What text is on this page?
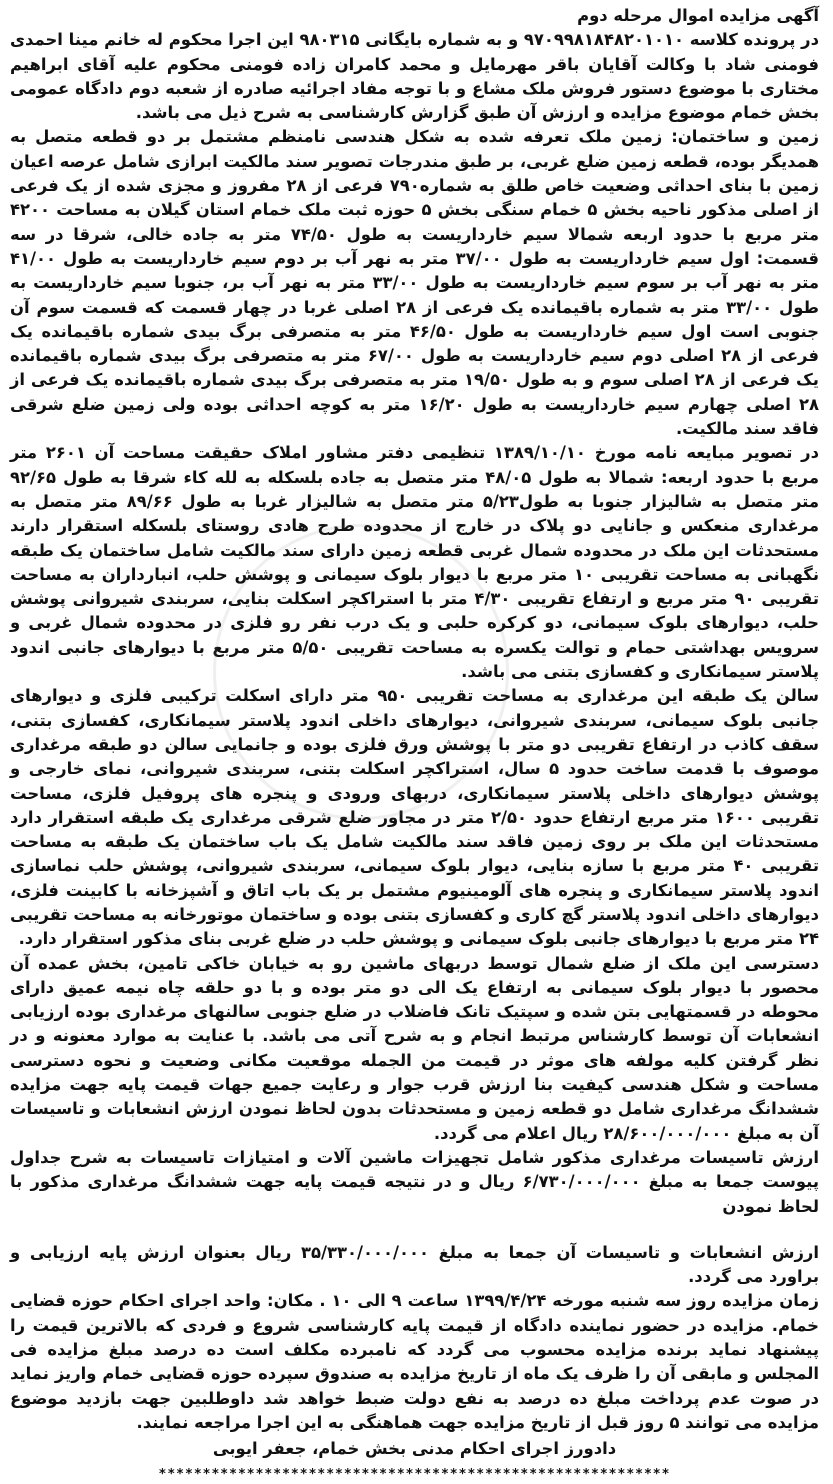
آگهی مزایده اموال مرحله دوم

در پرونده کلاسه ۹۷۰۹۹۸۱۸۴۸۲۰۱۰۱۰ و به شماره بایگانی ۹۸۰۳۱۵ این اجرا محکوم له خانم مینا احمدی فومنی شاد با وکالت آقایان باقر مهرمایل و محمد کامران زاده فومنی محکوم علیه آقای ابراهیم مختاری با موضوع دستور فروش ملک مشاع و با توجه مفاد اجرائیه صادره از شعبه دوم دادگاه عمومی بخش خمام موضوع مزایده و ارزش آن طبق گزارش کارشناسی به شرح ذیل می باشد.

زمین و ساختمان: زمین ملک تعرفه شده به شکل هندسی نامنظم مشتمل بر دو قطعه متصل به همدیگر بوده، قطعه زمین ضلع غربی، بر طبق مندرجات تصویر سند مالکیت ابرازی شامل عرصه اعیان زمین با بنای احداثی وضعیت خاص طلق به شماره۷۹۰ فرعی از ۲۸ مفروز و مجزی شده از یک فرعی از اصلی مذکور ناحیه بخش ۵ خمام سنگی بخش ۵ حوزه ثبت ملک خمام استان گیلان به مساحت ۴۲۰۰ متر مربع با حدود اربعه شمالا سیم خارداریست به طول ۷۴/۵۰ متر به جاده خالی، شرقا در سه قسمت: اول سیم خارداریست به طول ۳۷/۰۰ متر به نهر آب بر دوم سیم خارداریست به طول ۴۱/۰۰ متر به نهر آب بر سوم سیم خارداریست به طول ۳۳/۰۰ متر به نهر آب بر، جنوبا سیم خارداریست به طول ۳۳/۰۰ متر به شماره باقیمانده یک فرعی از ۲۸ اصلی غربا در چهار قسمت که قسمت سوم آن جنوبی است اول سیم خارداریست به طول ۴۶/۵۰ متر به متصرفی برگ بیدی شماره باقیمانده یک فرعی از ۲۸ اصلی دوم سیم خارداریست به طول ۶۷/۰۰ متر به متصرفی برگ بیدی شماره باقیمانده یک فرعی از ۲۸ اصلی سوم و به طول ۱۹/۵۰ متر به متصرفی برگ بیدی شماره باقیمانده یک فرعی از ۲۸ اصلی چهارم سیم خارداریست به طول ۱۶/۲۰ متر به کوچه احداثی بوده ولی زمین ضلع شرقی فاقد سند مالکیت.

در تصویر مبایعه نامه مورخ ۱۳۸۹/۱۰/۱۰ تنظیمی دفتر مشاور املاک حقیقت مساحت آن ۲۶۰۱ متر مربع با حدود اربعه: شمالا به طول ۴۸/۰۵ متر متصل به جاده بلسکله به لله کاء شرقا به طول ۹۲/۶۵ متر متصل به شالیزار جنوبا به طول۵/۲۳ متر متصل به شالیزار غربا به طول ۸۹/۶۶ متر متصل به مرغداری منعکس و جانایی دو پلاک در خارج از محدوده طرح هادی روستای بلسکله استقرار دارند مستحدثات این ملک در محدوده شمال غربی قطعه زمین دارای سند مالکیت شامل ساختمان یک طبقه نگهبانی به مساحت تقریبی ۱۰ متر مربع با دیوار بلوک سیمانی و پوشش حلب، انبارداران به مساحت تقریبی ۹۰ متر مربع و ارتفاع تقریبی ۴/۳۰ متر با استراکچر اسکلت بنایی، سربندی شیروانی پوشش حلب، دیوارهای بلوک سیمانی، دو کرکره حلبی و یک درب نفر رو فلزی در محدوده شمال غربی و سرویس بهداشتی حمام و توالت یکسره به مساحت تقریبی ۵/۵۰ متر مربع با دیوارهای جانبی اندود پلاستر سیمانکاری و کفسازی بتنی می باشد.

سالن یک طبقه این مرغداری به مساحت تقریبی ۹۵۰ متر دارای اسکلت ترکیبی فلزی و دیوارهای جانبی بلوک سیمانی، سربندی شیروانی، دیوارهای داخلی اندود پلاستر سیمانکاری، کفسازی بتنی، سقف کاذب در ارتفاع تقریبی دو متر با پوشش ورق فلزی بوده و جانمایی سالن دو طبقه مرغداری موصوف با قدمت ساخت حدود ۵ سال، استراکچر اسکلت بتنی، سربندی شیروانی، نمای خارجی و پوشش دیوارهای داخلی پلاستر سیمانکاری، دربهای ورودی و پنجره های پروفیل فلزی، مساحت تقریبی ۱۶۰۰ متر مربع ارتفاع حدود ۲/۵۰ متر در مجاور ضلع شرقی مرغداری یک طبقه استقرار دارد مستحدثات این ملک بر روی زمین فاقد سند مالکیت شامل یک باب ساختمان یک طبقه به مساحت تقریبی ۴۰ متر مربع با سازه بنایی، دیوار بلوک سیمانی، سربندی شیروانی، پوشش حلب نماسازی اندود پلاستر سیمانکاری و پنجره های آلومینیوم مشتمل بر یک باب اتاق و آشپزخانه با کابینت فلزی، دیوارهای داخلی اندود پلاستر گچ کاری و کفسازی بتنی بوده و ساختمان موتورخانه به مساحت تقریبی ۲۴ متر مربع با دیوارهای جانبی بلوک سیمانی و پوشش حلب در ضلع غربی بنای مذکور استقرار دارد.

دسترسی این ملک از ضلع شمال توسط دربهای ماشین رو به خیابان خاکی تامین، بخش عمده آن محصور با دیوار بلوک سیمانی به ارتفاع یک الی دو متر بوده و با دو حلقه چاه نیمه عمیق دارای محوطه در قسمتهایی بتن شده و سپتیک تانک فاضلاب در ضلع جنوبی سالنهای مرغداری بوده ارزیابی انشعابات آن توسط کارشناس مرتبط انجام و به شرح آتی می باشد. با عنایت به موارد معنونه و در نظر گرفتن کلیه مولفه های موثر در قیمت من الجمله موقعیت مکانی وضعیت و نحوه دسترسی مساحت و شکل هندسی کیفیت بنا ارزش قرب جوار و رعایت جمیع جهات قیمت پایه جهت مزایده ششدانگ مرغداری شامل دو قطعه زمین و مستحدثات بدون لحاظ نمودن ارزش انشعابات و تاسیسات آن به مبلغ ۲۸/۶۰۰/۰۰۰/۰۰۰ ریال اعلام می گردد.

ارزش تاسیسات مرغداری مذکور شامل تجهیزات ماشین آلات و امتیازات تاسیسات به شرح جداول پیوست جمعا به مبلغ ۶/۷۳۰/۰۰۰/۰۰۰ ریال و در نتیجه قیمت پایه جهت ششدانگ مرغداری مذکور با لحاظ نمودن

ارزش انشعابات و تاسیسات آن جمعا به مبلغ ۳۵/۳۳۰/۰۰۰/۰۰۰ ریال بعنوان ارزش پایه ارزیابی و براورد می گردد.

زمان مزایده روز سه شنبه مورخه ۱۳۹۹/۴/۲۴ ساعت ۹ الی ۱۰ . مکان: واحد اجرای احکام حوزه قضایی خمام. مزایده در حضور نماینده دادگاه از قیمت پایه کارشناسی شروع و فردی که بالاترین قیمت را پیشنهاد نماید برنده مزایده محسوب می گردد که نامبرده مکلف است ده درصد مبلغ مزایده فی المجلس و مابقی آن را ظرف یک ماه از تاریخ مزایده به صندوق سپرده حوزه قضایی خمام واریز نماید در صوت عدم پرداخت مبلغ ده درصد به نفع دولت ضبط خواهد شد داوطلبین جهت بازدید موضوع مزایده می توانند ۵ روز قبل از تاریخ مزایده جهت هماهنگی به این اجرا مراجعه نمایند.

دادورز اجرای احکام مدنی بخش خمام، جعفر ایوبی

**********************************************************
